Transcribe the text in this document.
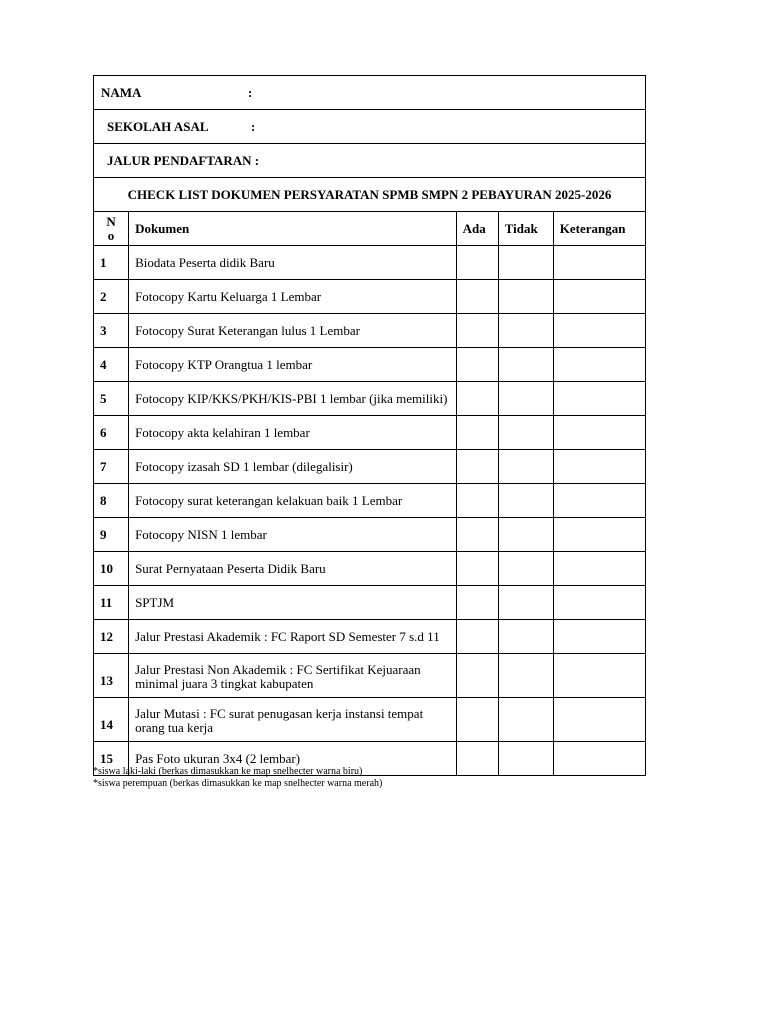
NAMA :				
SEKOLAH ASAL :				
JALUR PENDAFTARAN :				
CHECK LIST DOKUMEN PERSYARATAN SPMB SMPN 2 PEBAYURAN 2025-2026				

N
o	Dokumen	Ada	Tidak	Keterangan
1	Biodata Peserta didik Baru			
2	Fotocopy Kartu Keluarga 1 Lembar			
3	Fotocopy Surat Keterangan lulus 1 Lembar			
4	Fotocopy KTP Orangtua 1 lembar			
5	Fotocopy KIP/KKS/PKH/KIS-PBI 1 lembar (jika memiliki)			
6	Fotocopy akta kelahiran 1 lembar			
7	Fotocopy izasah SD 1 lembar (dilegalisir)			
8	Fotocopy surat keterangan kelakuan baik 1 Lembar			
9	Fotocopy NISN 1 lembar			
10	Surat Pernyataan Peserta Didik Baru			
11	SPTJM			
12	Jalur Prestasi Akademik : FC Raport SD Semester 7 s.d 11			
13	Jalur Prestasi Non Akademik : FC Sertifikat Kejuaraan minimal juara 3 tingkat kabupaten			
14	Jalur Mutasi : FC surat penugasan kerja instansi tempat orang tua kerja			
15	Pas Foto ukuran 3x4 (2 lembar)			
*siswa laki-laki (berkas dimasukkan ke map snelhecter warna biru)
*siswa perempuan (berkas dimasukkan ke map snelhecter warna merah)
